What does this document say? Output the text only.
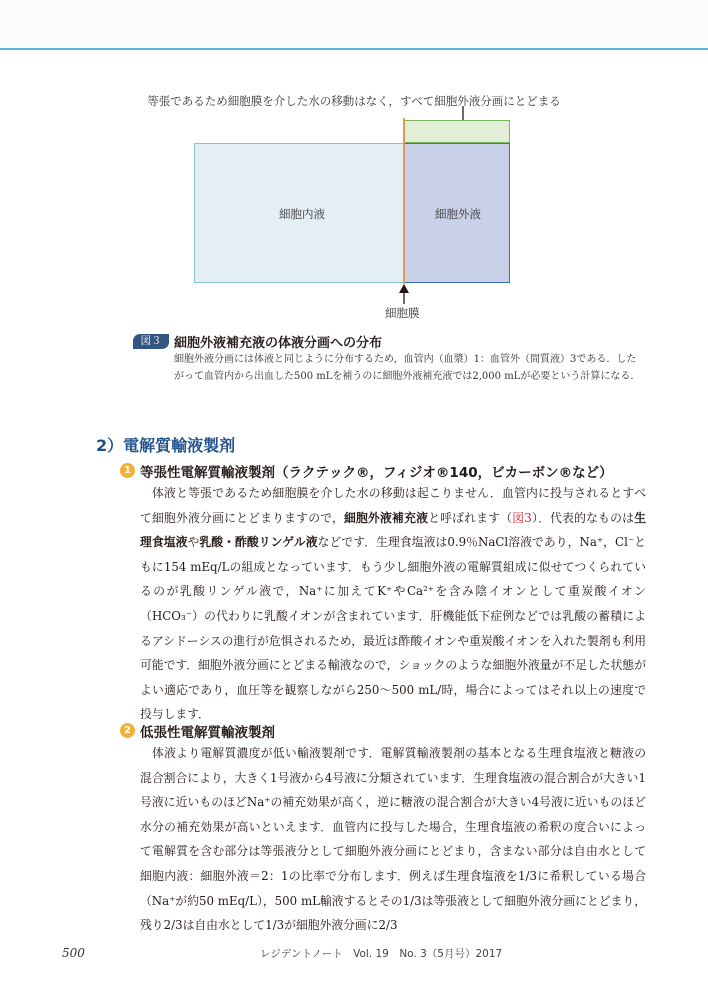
等張であるため細胞膜を介した水の移動はなく，すべて細胞外液分画にとどまる
細胞内液	細胞外液
細胞膜
図３ 細胞外液補充液の体液分画への分布

細胞外液分画には体液と同じように分布するため，血管内（血漿）1：血管外（間質液）3である．したがって血管内から出血した500 mLを補うのに細胞外液補充液では2,000 mLが必要という計算になる．

2）電解質輸液製剤
1 等張性電解質輸液製剤（ラクテック®，フィジオ®140，ビカーボン®など）

体液と等張であるため細胞膜を介した水の移動は起こりません．血管内に投与されるとすべて細胞外液分画にとどまりますので，細胞外液補充液と呼ばれます（図3）．代表的なものは生理食塩液や乳酸・酢酸リンゲル液などです．生理食塩液は0.9％NaCl溶液であり，Na⁺，Cl⁻ともに154 mEq/Lの組成となっています．もう少し細胞外液の電解質組成に似せてつくられているのが乳酸リンゲル液で，Na⁺に加えてK⁺やCa²⁺を含み陰イオンとして重炭酸イオン（HCO₃⁻）の代わりに乳酸イオンが含まれています．肝機能低下症例などでは乳酸の蓄積によるアシドーシスの進行が危惧されるため，最近は酢酸イオンや重炭酸イオンを入れた製剤も利用可能です．細胞外液分画にとどまる輸液なので，ショックのような細胞外液量が不足した状態がよい適応であり，血圧等を観察しながら250～500 mL/時，場合によってはそれ以上の速度で投与します．

2 低張性電解質輸液製剤

体液より電解質濃度が低い輸液製剤です．電解質輸液製剤の基本となる生理食塩液と糖液の混合割合により，大きく1号液から4号液に分類されています．生理食塩液の混合割合が大きい1号液に近いものほどNa⁺の補充効果が高く，逆に糖液の混合割合が大きい4号液に近いものほど水分の補充効果が高いといえます．血管内に投与した場合，生理食塩液の希釈の度合いによって電解質を含む部分は等張液分として細胞外液分画にとどまり，含まない部分は自由水として細胞内液：細胞外液＝2：1の比率で分布します．例えば生理食塩液を1/3に希釈している場合（Na⁺が約50 mEq/L），500 mL輸液するとその1/3は等張液として細胞外液分画にとどまり，残り2/3は自由水として1/3が細胞外液分画に2/3

500	レジデントノート　Vol. 19　No. 3（5月号）2017
